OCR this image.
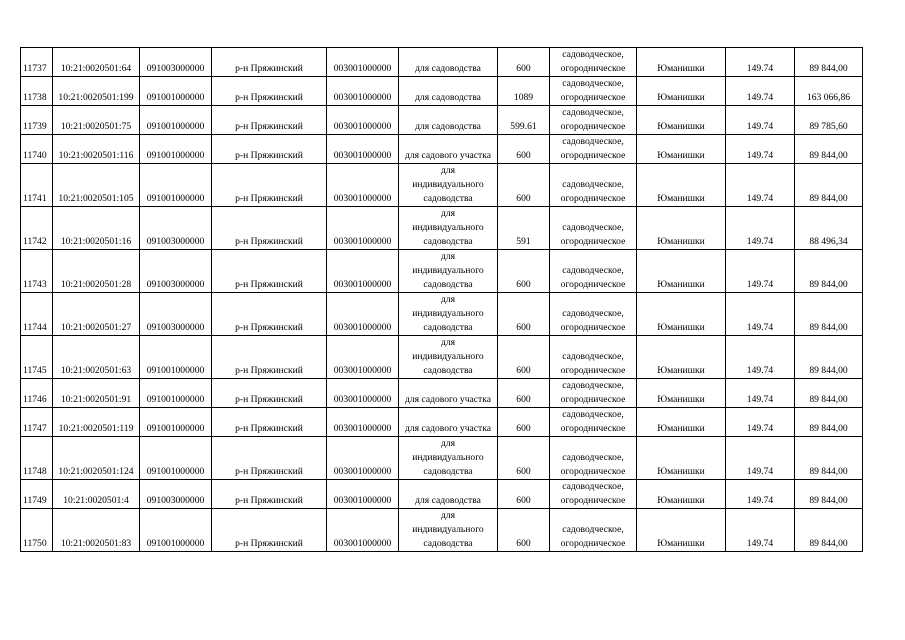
11737	10:21:0020501:64	091003000000	р-н Пряжинский	003001000000	для садоводства	600	садоводческое,
огородническое	Юманишки	149.74	89 844,00
11738	10:21:0020501:199	091001000000	р-н Пряжинский	003001000000	для садоводства	1089	садоводческое,
огородническое	Юманишки	149.74	163 066,86
11739	10:21:0020501:75	091001000000	р-н Пряжинский	003001000000	для садоводства	599.61	садоводческое,
огородническое	Юманишки	149.74	89 785,60
11740	10:21:0020501:116	091001000000	р-н Пряжинский	003001000000	для садового участка	600	садоводческое,
огородническое	Юманишки	149.74	89 844,00
11741	10:21:0020501:105	091001000000	р-н Пряжинский	003001000000	для
индивидуального
садоводства	600	садоводческое,
огородническое	Юманишки	149.74	89 844,00
11742	10:21:0020501:16	091003000000	р-н Пряжинский	003001000000	для
индивидуального
садоводства	591	садоводческое,
огородническое	Юманишки	149.74	88 496,34
11743	10:21:0020501:28	091003000000	р-н Пряжинский	003001000000	для
индивидуального
садоводства	600	садоводческое,
огородническое	Юманишки	149.74	89 844,00
11744	10:21:0020501:27	091003000000	р-н Пряжинский	003001000000	для
индивидуального
садоводства	600	садоводческое,
огородническое	Юманишки	149.74	89 844,00
11745	10:21:0020501:63	091001000000	р-н Пряжинский	003001000000	для
индивидуального
садоводства	600	садоводческое,
огородническое	Юманишки	149.74	89 844,00
11746	10:21:0020501:91	091001000000	р-н Пряжинский	003001000000	для садового участка	600	садоводческое,
огородническое	Юманишки	149.74	89 844,00
11747	10:21:0020501:119	091001000000	р-н Пряжинский	003001000000	для садового участка	600	садоводческое,
огородническое	Юманишки	149.74	89 844,00
11748	10:21:0020501:124	091001000000	р-н Пряжинский	003001000000	для
индивидуального
садоводства	600	садоводческое,
огородническое	Юманишки	149.74	89 844,00
11749	10:21:0020501:4	091003000000	р-н Пряжинский	003001000000	для садоводства	600	садоводческое,
огородническое	Юманишки	149.74	89 844,00
11750	10:21:0020501:83	091001000000	р-н Пряжинский	003001000000	для
индивидуального
садоводства	600	садоводческое,
огородническое	Юманишки	149.74	89 844,00
